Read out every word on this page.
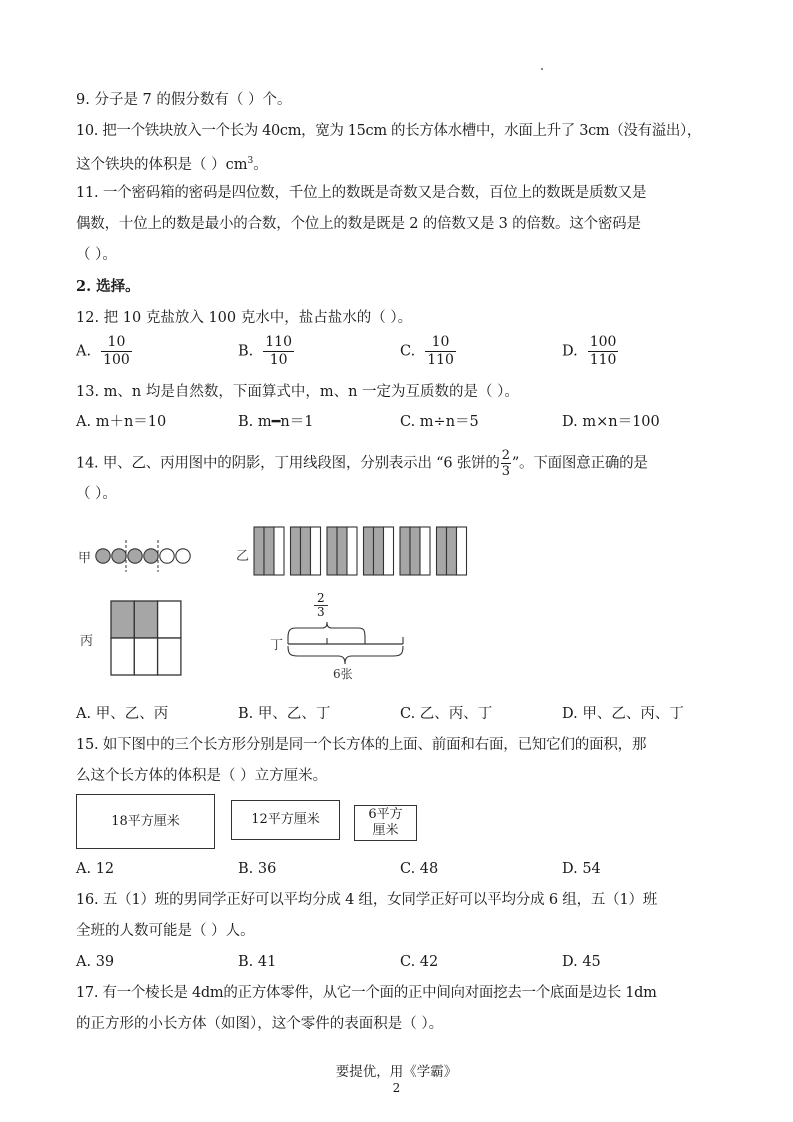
9. 分子是 7 的假分数有（ ）个。
10. 把一个铁块放入一个长为 40cm，宽为 15cm 的长方体水槽中，水面上升了 3cm（没有溢出），
这个铁块的体积是（ ）$cm^3$。
11. 一个密码箱的密码是四位数，千位上的数既是奇数又是合数，百位上的数既是质数又是
偶数，十位上的数是最小的合数，个位上的数是既是 2 的倍数又是 3 的倍数。这个密码是
（ ）。
2. 选择。
12. 把 10 克盐放入 100 克水中，盐占盐水的（ ）。
A. $\frac{10}{100}$	B. $\frac{110}{10}$	C. $\frac{10}{110}$	D. $\frac{100}{110}$
13. m、n 均是自然数，下面算式中，m、n 一定为互质数的是（ ）。
A. m＋n＝10	B. m━n＝1	C. m÷n＝5	D. m×n＝100
14. 甲、乙、丙用图中的阴影，丁用线段图，分别表示出 “6 张饼的 $\frac{2}{3}$ ”。下面图意正确的是
（ ）。
甲	乙
丙	丁
$\frac{2}{3}$
6张
A. 甲、乙、丙	B. 甲、乙、丁	C. 乙、丙、丁	D. 甲、乙、丙、丁
15. 如下图中的三个长方形分别是同一个长方体的上面、前面和右面，已知它们的面积，那
么这个长方体的体积是（ ）立方厘米。
18平方厘米	12平方厘米	6平方
厘米
A. 12	B. 36	C. 48	D. 54
16. 五（1）班的男同学正好可以平均分成 4 组，女同学正好可以平均分成 6 组，五（1）班
全班的人数可能是（ ）人。
A. 39	B. 41	C. 42	D. 45
17. 有一个棱长是 4dm的正方体零件，从它一个面的正中间向对面挖去一个底面是边长 1dm
的正方形的小长方体（如图），这个零件的表面积是（ ）。
要提优，用《学霸》
2
